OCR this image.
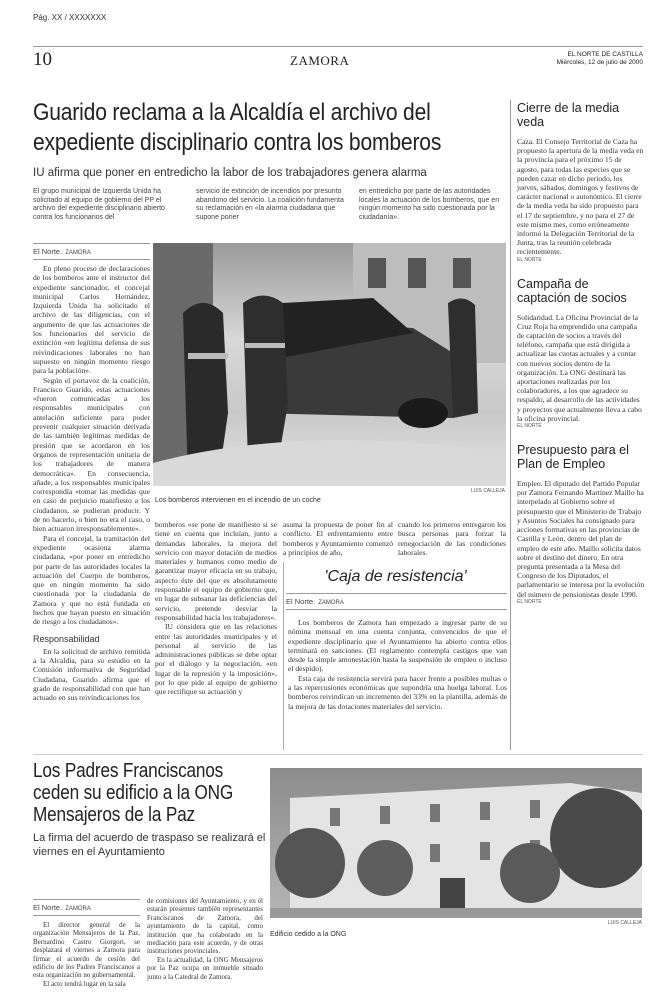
Pág. XX / XXXXXXX
10	ZAMORA	EL NORTE DE CASTILLA
Miércoles, 12 de julio de 2000
Guarido reclama a la Alcaldía el archivo del expediente disciplinario contra los bomberos
IU afirma que poner en entredicho la labor de los trabajadores genera alarma
El grupo municipal de Izquierda Unida ha solicitado al equipo de gobierno del PP el archivo del expediente disciplinario abierto contra los funcionarios del
servicio de extinción de incendios por presunto abandono del servicio. La coalición fundamenta su reclamación en «la alarma ciudadana que supone poner
en entredicho por parte de las autoridades locales la actuación de los bomberos, que en ningún momento ha sido cuestionada por la ciudadanía».
El Norte. ZAMORA

En pleno proceso de declaraciones de los bomberos ante el instructor del expediente sancionador, el concejal municipal Carlos Hernández, Izquierda Unida ha solicitado el archivo de las diligencias, con el argumento de que las actuaciones de los funcionarios del servicio de extinción «en legítima defensa de sus reivindicaciones laborales no han supuesto en ningún momento riesgo para la población».

Según el portavoz de la coalición, Francisco Guarido, estas actuaciones «fueron comunicadas a los responsables municipales con antelación suficiente para poder prevenir cualquier situación derivada de las también legítimas medidas de presión que se acordaron en los órganos de representación unitaria de los trabajadores de manera democrática». En consecuencia, añade, a los responsables municipales correspondía «tomar las medidas que en caso de perjuicio manifiesto a los ciudadanos, se pudieran producir. Y de no hacerlo, o bien no era el caso, o bien actuaron irresponsablemente».

Para el concejal, la tramitación del expediente ocasiona alarma ciudadana, «por poner en entredicho por parte de las autoridades locales la actuación del Cuerpo de bomberos, que en ningún momento ha sido cuestionada por la ciudadanía de Zamora y que no está fundada en hechos que hayan puesto en situación de riesgo a los ciudadanos».

Responsabilidad

En la solicitud de archivo remitida a la Alcaldía, para su estudio en la Comisión informativa de Seguridad Ciudadana, Guarido afirma que el grado de responsabilidad con que han actuado en sus reivindicaciones los

LUIS CALLEJA
Los bomberos intervienen en el incendio de un coche

bomberos «se pone de manifiesto si se tiene en cuenta que incluían, junto a demandas laborales, la mejora del servicio con mayor dotación de medios materiales y humanos como medio de garantizar mayor eficacia en su trabajo, aspecto éste del que es absolutamente responsable el equipo de gobierno que, en lugar de subsanar las deficiencias del servicio, pretende desviar la responsabilidad hacia los trabajadores».

IU considera que en las relaciones entre las autoridades municipales y el personal al servicio de las administraciones públicas se debe optar por el diálogo y la negociación, «en lugar de la represión y la imposición», por lo que pide al equipo de gobierno que rectifique su actuación y

asuma la propuesta de poner fin al conflicto. El enfrentamiento entre bomberos y Ayuntamiento comenzó a principios de año,
cuando los primeros entregaron los busca personas para forzar la renegociación de las condiciones laborales.
'Caja de resistencia'
El Norte. ZAMORA

Los bomberos de Zamora han empezado a ingresar parte de su nómina mensual en una cuenta conjunta, convencidos de que el expediente disciplinario que el Ayuntamiento ha abierto contra ellos terminará en sanciones. (El reglamento contempla castigos que van desde la simple amonestación hasta la suspensión de empleo o incluso el despido).

Esta caja de resistencia servirá para hacer frente a posibles multas o a las repercusiones económicas que supondría una huelga laboral. Los bomberos reivindican un incremento del 33% en la plantilla, además de la mejora de las dotaciones materiales del servicio.

Cierre de la media veda
Caza. El Consejo Territorial de Caza ha propuesto la apertura de la media veda en la provincia para el próximo 15 de agosto, para todas las especies que se pueden cazar en dicho periodo, los jueves, sábados, domingos y festivos de carácter nacional o autonómico. El cierre de la media veda ha sido propuesto para el 17 de septiembre, y no para el 27 de este mismo mes, como erróneamente informó la Delegación Territorial de la Junta, tras la reunión celebrada recientemente.
EL NORTE
Campaña de captación de socios
Solidaridad. La Oficina Provincial de la Cruz Roja ha emprendido una campaña de captación de socios a través del teléfono, campaña que está dirigida a actualizar las cuotas actuales y a contar con nuevos socios dentro de la organización. La ONG destinará las aportaciones realizadas por los colaboradores, a los que agradece su respaldo, al desarrollo de las actividades y proyectos que actualmente lleva a cabo la oficina provincial.
EL NORTE
Presupuesto para el Plan de Empleo
Empleo. El diputado del Partido Popular por Zamora Fernando Martínez Maillo ha interpelado al Gobierno sobre el presupuesto que el Ministerio de Trabajo y Asuntos Sociales ha consignado para acciones formativas en las provincias de Castilla y León, dentro del plan de empleo de este año. Maillo solicita datos sobre el destino del dinero. En otra pregunta presentada a la Mesa del Congreso de los Diputados, el parlamentario se interesa por la evolución del número de pensionistas desde 1990.
EL NORTE
Los Padres Franciscanos ceden su edificio a la ONG Mensajeros de la Paz
La firma del acuerdo de traspaso se realizará el viernes en el Ayuntamiento
El Norte. ZAMORA

El director general de la organización Mensajeros de la Paz, Bernardino Castro Giorgori, se desplazará el viernes a Zamora para firmar el acuerdo de cesión del edificio de los Padres Franciscanos a esta organización no gubernamental.

El acto tendrá lugar en la sala

de comisiones del Ayuntamiento, y en él estarán presentes también representantes Franciscanos de Zamora, del ayuntamiento de la capital, como institución que ha colaborado en la mediación para este acuerdo, y de otras instituciones provinciales.

En la actualidad, la ONG Mensajeros por la Paz ocupa un inmueble situado junto a la Catedral de Zamora.

LUIS CALLEJA
Edificio cedido a la ONG
